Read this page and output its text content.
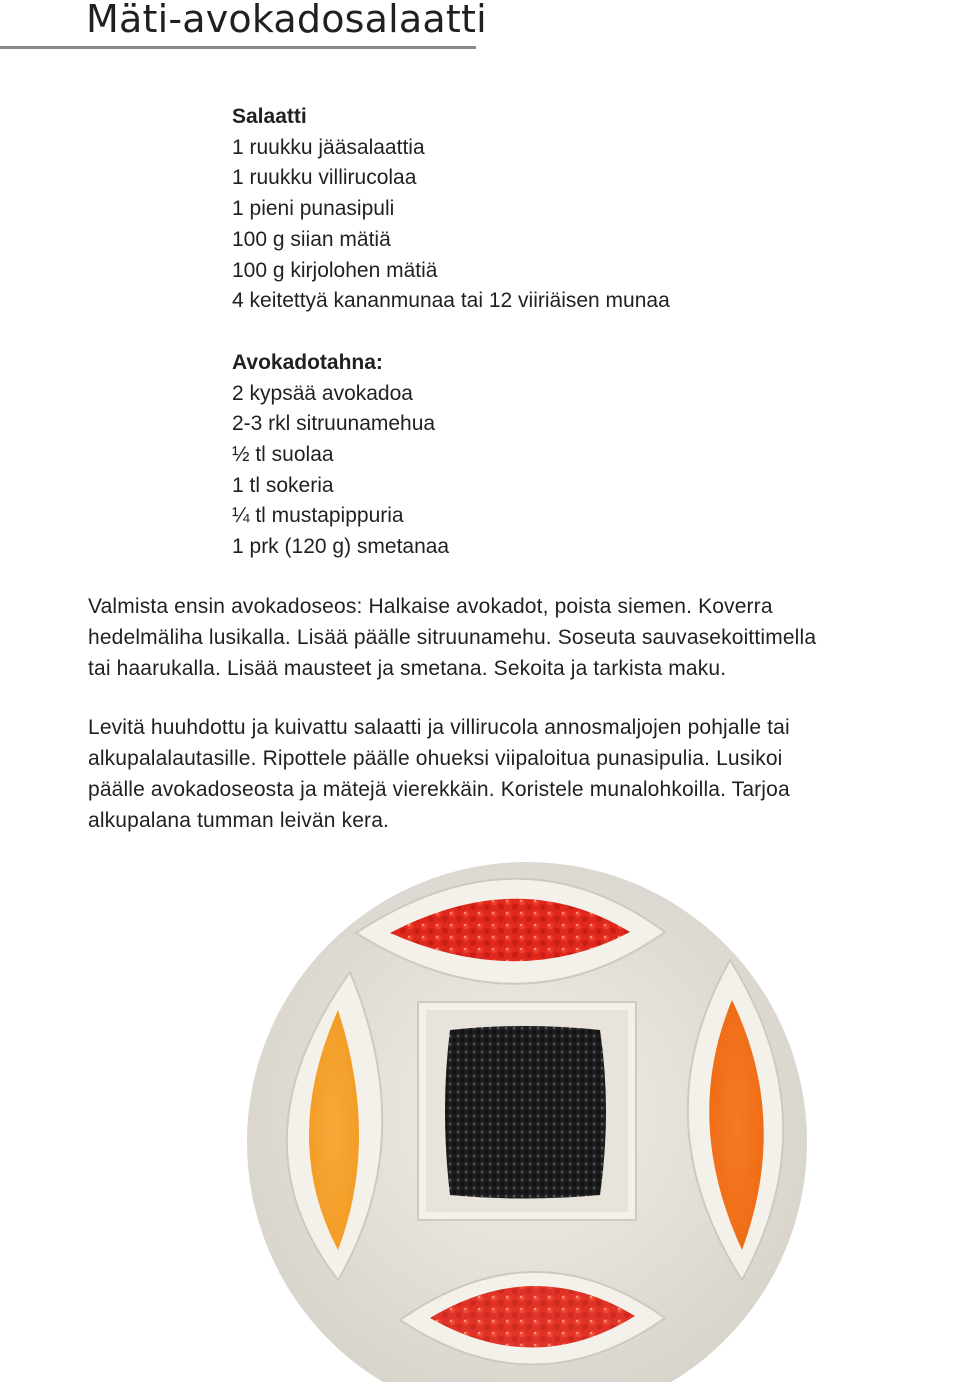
Mäti-avokadosalaatti
Salaatti
1 ruukku jääsalaattia
1 ruukku villirucolaa
1 pieni punasipuli
100 g siian mätiä
100 g kirjolohen mätiä
4 keitettyä kananmunaa tai 12 viiriäisen munaa
Avokadotahna:
2 kypsää avokadoa
2-3 rkl sitruunamehua
½ tl suolaa
1 tl sokeria
¼ tl mustapippuria
1 prk (120 g) smetanaa
Valmista ensin avokadoseos: Halkaise avokadot, poista siemen. Koverra
hedelmäliha lusikalla. Lisää päälle sitruunamehu. Soseuta sauvasekoittimella
tai haarukalla. Lisää mausteet ja smetana. Sekoita ja tarkista maku.
Levitä huuhdottu ja kuivattu salaatti ja villirucola annosmaljojen pohjalle tai
alkupalalautasille. Ripottele päälle ohueksi viipaloitua punasipulia. Lusikoi
päälle avokadoseosta ja mätejä vierekkäin. Koristele munalohkoilla. Tarjoa
alkupalana tumman leivän kera.
